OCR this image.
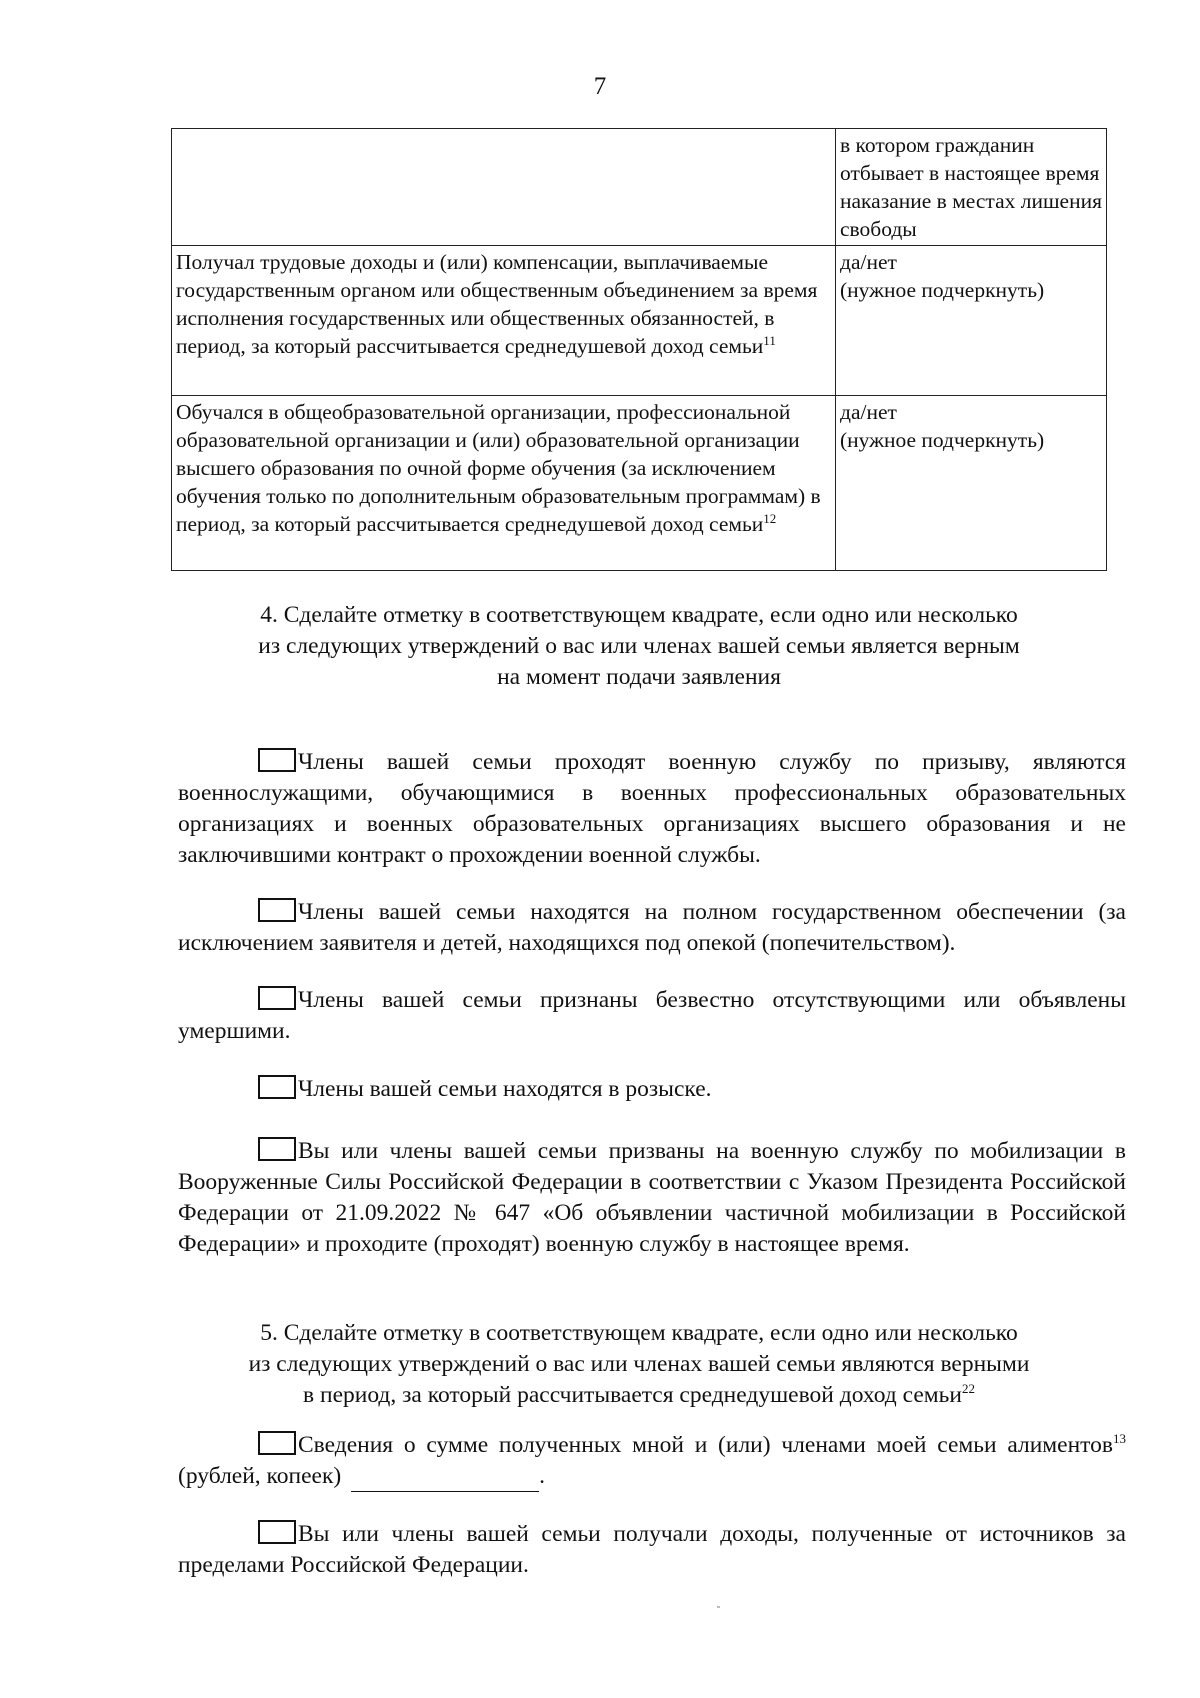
7
	в котором гражданин отбывает в настоящее время наказание в местах лишения свободы
Получал трудовые доходы и (или) компенсации, выплачиваемые государственным органом или общественным объединением за время исполнения государственных или общественных обязанностей, в период, за который рассчитывается среднедушевой доход семьи$^{11}$	да/нет
(нужное подчеркнуть)

Обучался в общеобразовательной организации, профессиональной образовательной организации и (или) образовательной организации высшего образования по очной форме обучения (за исключением обучения только по дополнительным образовательным программам) в период, за который рассчитывается среднедушевой доход семьи$^{12}$	да/нет
(нужное подчеркнуть)
4. Сделайте отметку в соответствующем квадрате, если одно или несколько
из следующих утверждений о вас или членах вашей семьи является верным
на момент подачи заявления
Члены вашей семьи проходят военную службу по призыву, являются военнослужащими, обучающимися в военных профессиональных образовательных организациях и военных образовательных организациях высшего образования и не заключившими контракт о прохождении военной службы.
Члены вашей семьи находятся на полном государственном обеспечении (за исключением заявителя и детей, находящихся под опекой (попечительством).
Члены вашей семьи признаны безвестно отсутствующими или объявлены умершими.
Члены вашей семьи находятся в розыске.
Вы или члены вашей семьи призваны на военную службу по мобилизации в Вооруженные Силы Российской Федерации в соответствии с Указом Президента Российской Федерации от 21.09.2022 № 647 «Об объявлении частичной мобилизации в Российской Федерации» и проходите (проходят) военную службу в настоящее время.
5. Сделайте отметку в соответствующем квадрате, если одно или несколько
из следующих утверждений о вас или членах вашей семьи являются верными
в период, за который рассчитывается среднедушевой доход семьи$^{22}$
Сведения о сумме полученных мной и (или) членами моей семьи алиментов$^{13}$ (рублей, копеек)	.
Вы или члены вашей семьи получали доходы, полученные от источников за пределами Российской Федерации.
